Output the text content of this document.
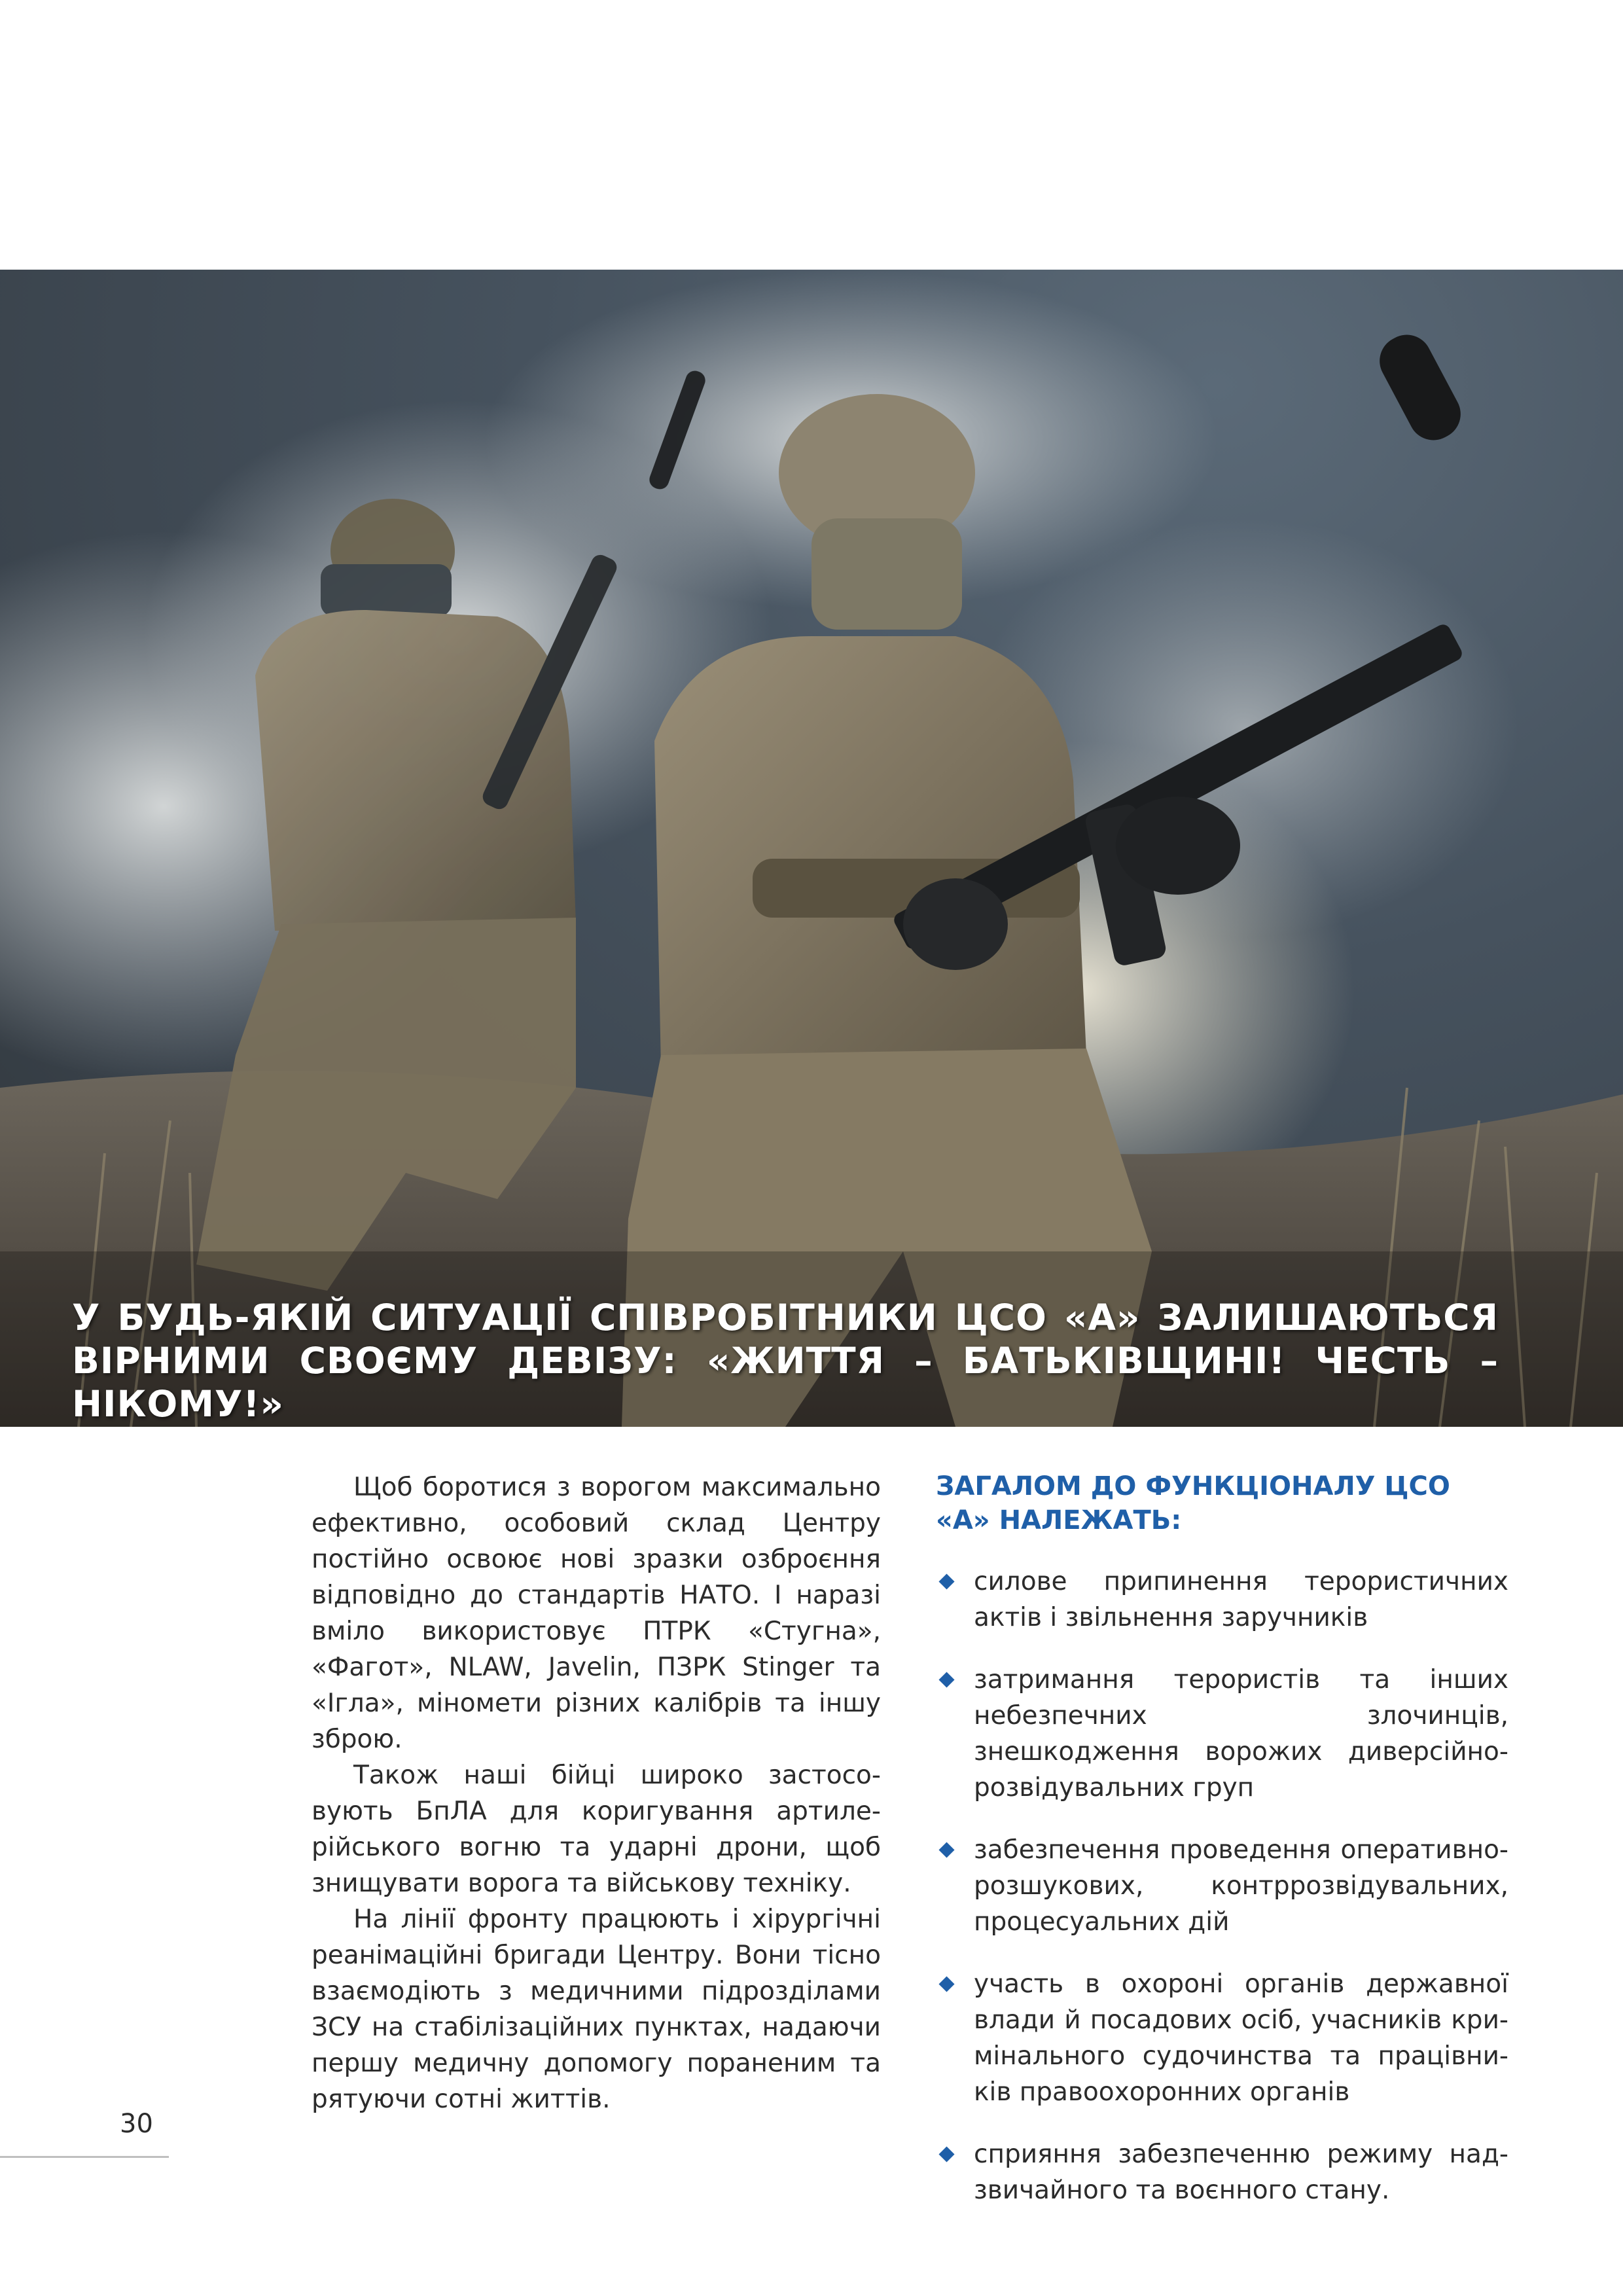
У БУДЬ-ЯКІЙ СИТУАЦІЇ СПІВРОБІТНИКИ ЦСО «А» ЗАЛИШАЮТЬСЯ
ВІРНИМИ СВОЄМУ ДЕВІЗУ: «ЖИТТЯ – БАТЬКІВЩИНІ! ЧЕСТЬ – НІКОМУ!»

Щоб боротися з ворогом максимально ефективно, особовий склад Центру постійно освоює нові зразки озброєння відповідно до стандартів НАТО. І наразі вміло використовує ПТРК «Стугна», «Фагот», NLAW, Javelin, ПЗРК Stinger та «Ігла», міномети різних калібрів та іншу зброю.

Також наші бійці широко застосовують БпЛА для коригування артилерійського вогню та ударні дрони, щоб знищувати ворога та військову техніку.

На лінії фронту працюють і хірургічні реанімаційні бригади Центру. Вони тісно взаємодіють з медичними підрозділами ЗСУ на стабілізаційних пунктах, надаючи першу медичну допомогу пораненим та рятуючи сотні життів.

ЗАГАЛОМ ДО ФУНКЦІОНАЛУ ЦСО «А» НАЛЕЖАТЬ:
силове припинення терористичних актів і звільнення заручників
затримання терористів та інших небезпечних злочинців, знешкодження ворожих диверсійно-розвідувальних груп
забезпечення проведення оперативно-розшукових, контррозвідувальних, процесуальних дій
участь в охороні органів державної влади й посадових осіб, учасників кримінального судочинства та працівників правоохоронних органів
сприяння забезпеченню режиму надзвичайного та воєнного стану.
30
